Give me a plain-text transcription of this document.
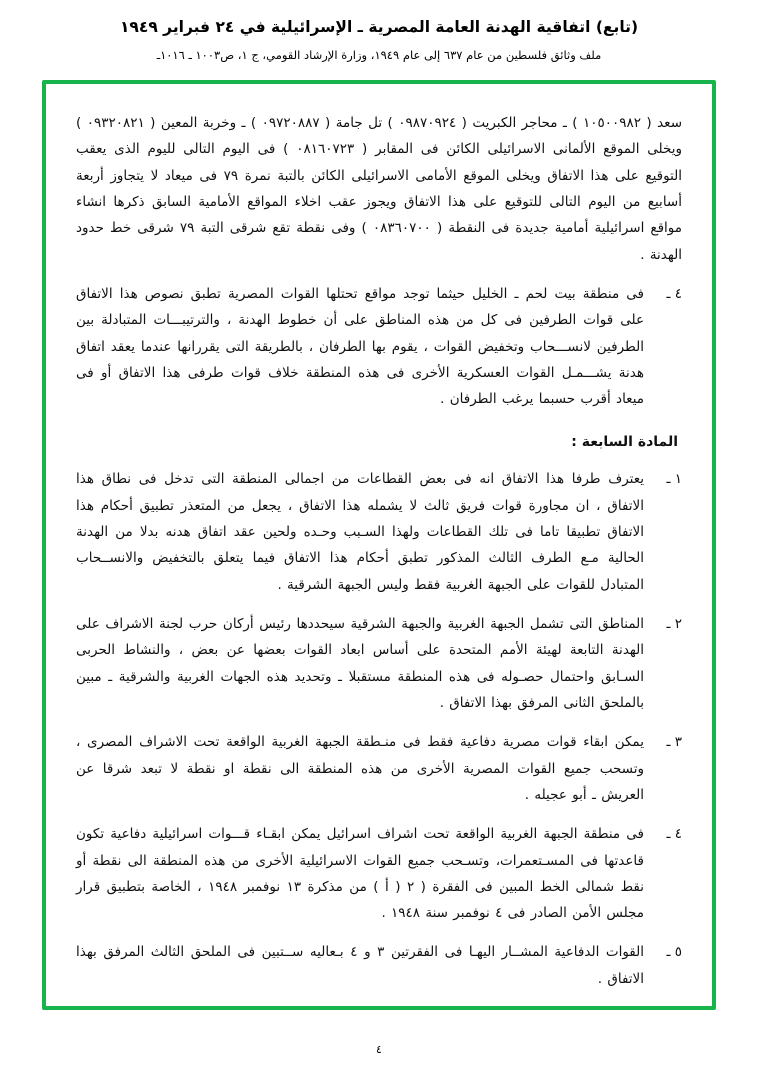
(تابع) اتفاقية الهدنة العامة المصرية ـ الإسرائيلية في ٢٤ فبراير ١٩٤٩
ملف وثائق فلسطين من عام ٦٣٧ إلى عام ١٩٤٩، وزارة الإرشاد القومي، ج ١، ص١٠٠٣ ـ ١٠١٦ـ
سعد ( ١٠٥٠٠٩٨٢ ) ـ محاجر الكبريت ( ٠٩٨٧٠٩٢٤ ) تل جامة ( ٠٩٧٢٠٨٨٧ ) ـ وخربة المعين ( ٠٩٣٢٠٨٢١ ) ويخلى الموقع الألمانى الاسرائيلى الكائن فى المقابر ( ٠٨١٦٠٧٢٣ ) فى اليوم التالى لليوم الذى يعقب التوقيع على هذا الاتفاق ويخلى الموقع الأمامى الاسرائيلى الكائن بالتبة نمرة ٧٩ فى ميعاد لا يتجاوز أربعة أسابيع من اليوم التالى للتوقيع على هذا الاتفاق ويجوز عقب اخلاء المواقع الأمامية السابق ذكرها انشاء مواقع اسرائيلية أمامية جديدة فى النقطة ( ٠٨٣٦٠٧٠٠ ) وفى نقطة تقع شرقى التبة ٧٩ شرقى خط حدود الهدنة .
٤ ـ
فى منطقة بيت لحم ـ الخليل حيثما توجد مواقع تحتلها القوات المصرية تطبق نصوص هذا الاتفاق على قوات الطرفين فى كل من هذه المناطق على أن خطوط الهدنة ، والترتيبـــات المتبادلة بين الطرفين لانســـحاب وتخفيض القوات ، يقوم بها الطرفان ، بالطريقة التى يقررانها عندما يعقد اتفاق هدنة يشـــمـل القوات العسكرية الأخرى فى هذه المنطقة خلاف قوات طرفى هذا الاتفاق أو فى ميعاد أقرب حسبما يرغب الطرفان .
المادة السابعة :
١ ـ
يعترف طرفا هذا الاتفاق انه فى بعض القطاعات من اجمالى المنطقة التى تدخل فى نطاق هذا الاتفاق ، ان مجاورة قوات فريق ثالث لا يشمله هذا الاتفاق ، يجعل من المتعذر تطبيق أحكام هذا الاتفاق تطبيقا تاما فى تلك القطاعات ولهذا السـبب وحـده ولحين عقد اتفاق هدنه بدلا من الهدنة الحالية مـع الطرف الثالث المذكور تطبق أحكام هذا الاتفاق فيما يتعلق بالتخفيض والانســحاب المتبادل للقوات على الجبهة الغربية فقط وليس الجبهة الشرقية .
٢ ـ
المناطق التى تشمل الجبهة الغربية والجبهة الشرقية سيحددها رئيس أركان حرب لجنة الاشراف على الهدنة التابعة لهيئة الأمم المتحدة على أساس ابعاد القوات بعضها عن بعض ، والنشاط الحربى السـابق واحتمال حصـوله فى هذه المنطقة مستقبلا ـ وتحديد هذه الجهات الغربية والشرقية ـ مبين بالملحق الثانى المرفق بهذا الاتفاق .
٣ ـ
يمكن ابقاء قوات مصرية دفاعية فقط فى منـطقة الجبهة الغربية الواقعة تحت الاشراف المصرى ، وتسحب جميع القوات المصرية الأخرى من هذه المنطقة الى نقطة او نقطة لا تبعد شرقا عن العريش ـ أبو عجيله .
٤ ـ
فى منطقة الجبهة الغربية الواقعة تحت اشراف اسرائيل يمكن ابقـاء قـــوات اسرائيلية دفاعية تكون قاعدتها فى المسـتعمرات، وتسـحب جميع القوات الاسرائيلية الأخرى من هذه المنطقة الى نقطة أو نقط شمالى الخط المبين فى الفقرة ( ٢ ( أ ) من مذكرة ١٣ نوفمبر ١٩٤٨ ، الخاصة بتطبيق قرار مجلس الأمن الصادر فى ٤ نوفمبر سنة ١٩٤٨ .
٥ ـ
القوات الدفاعية المشــار اليهـا فى الفقرتين ٣ و ٤ بـعاليه ســتبين فى الملحق الثالث المرفق بهذا الاتفاق .
٤
